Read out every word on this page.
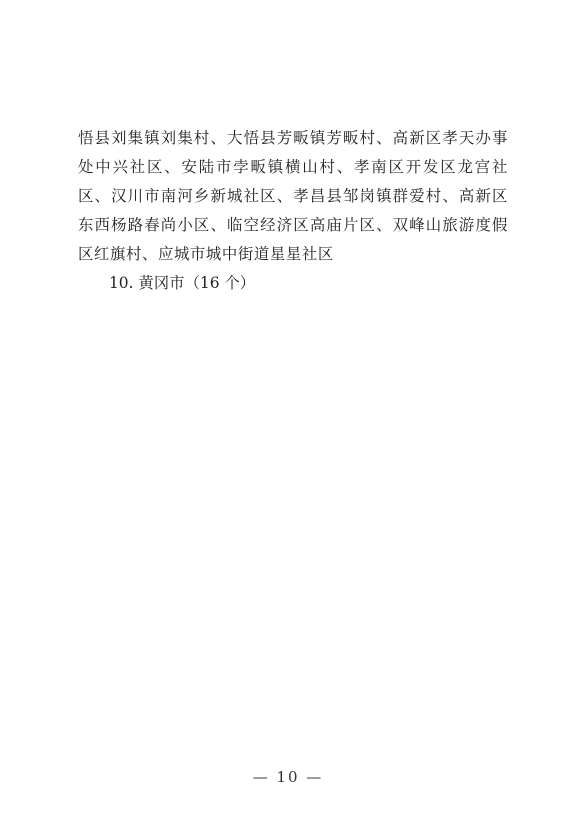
悟县刘集镇刘集村、大悟县芳畈镇芳畈村、高新区孝天办事处中兴社区、安陆市孛畈镇横山村、孝南区开发区龙宫社区、汉川市南河乡新城社区、孝昌县邹岗镇群爱村、高新区东西杨路春尚小区、临空经济区高庙片区、双峰山旅游度假区红旗村、应城市城中街道星星社区

10. 黄冈市（16 个）

— 10 —
